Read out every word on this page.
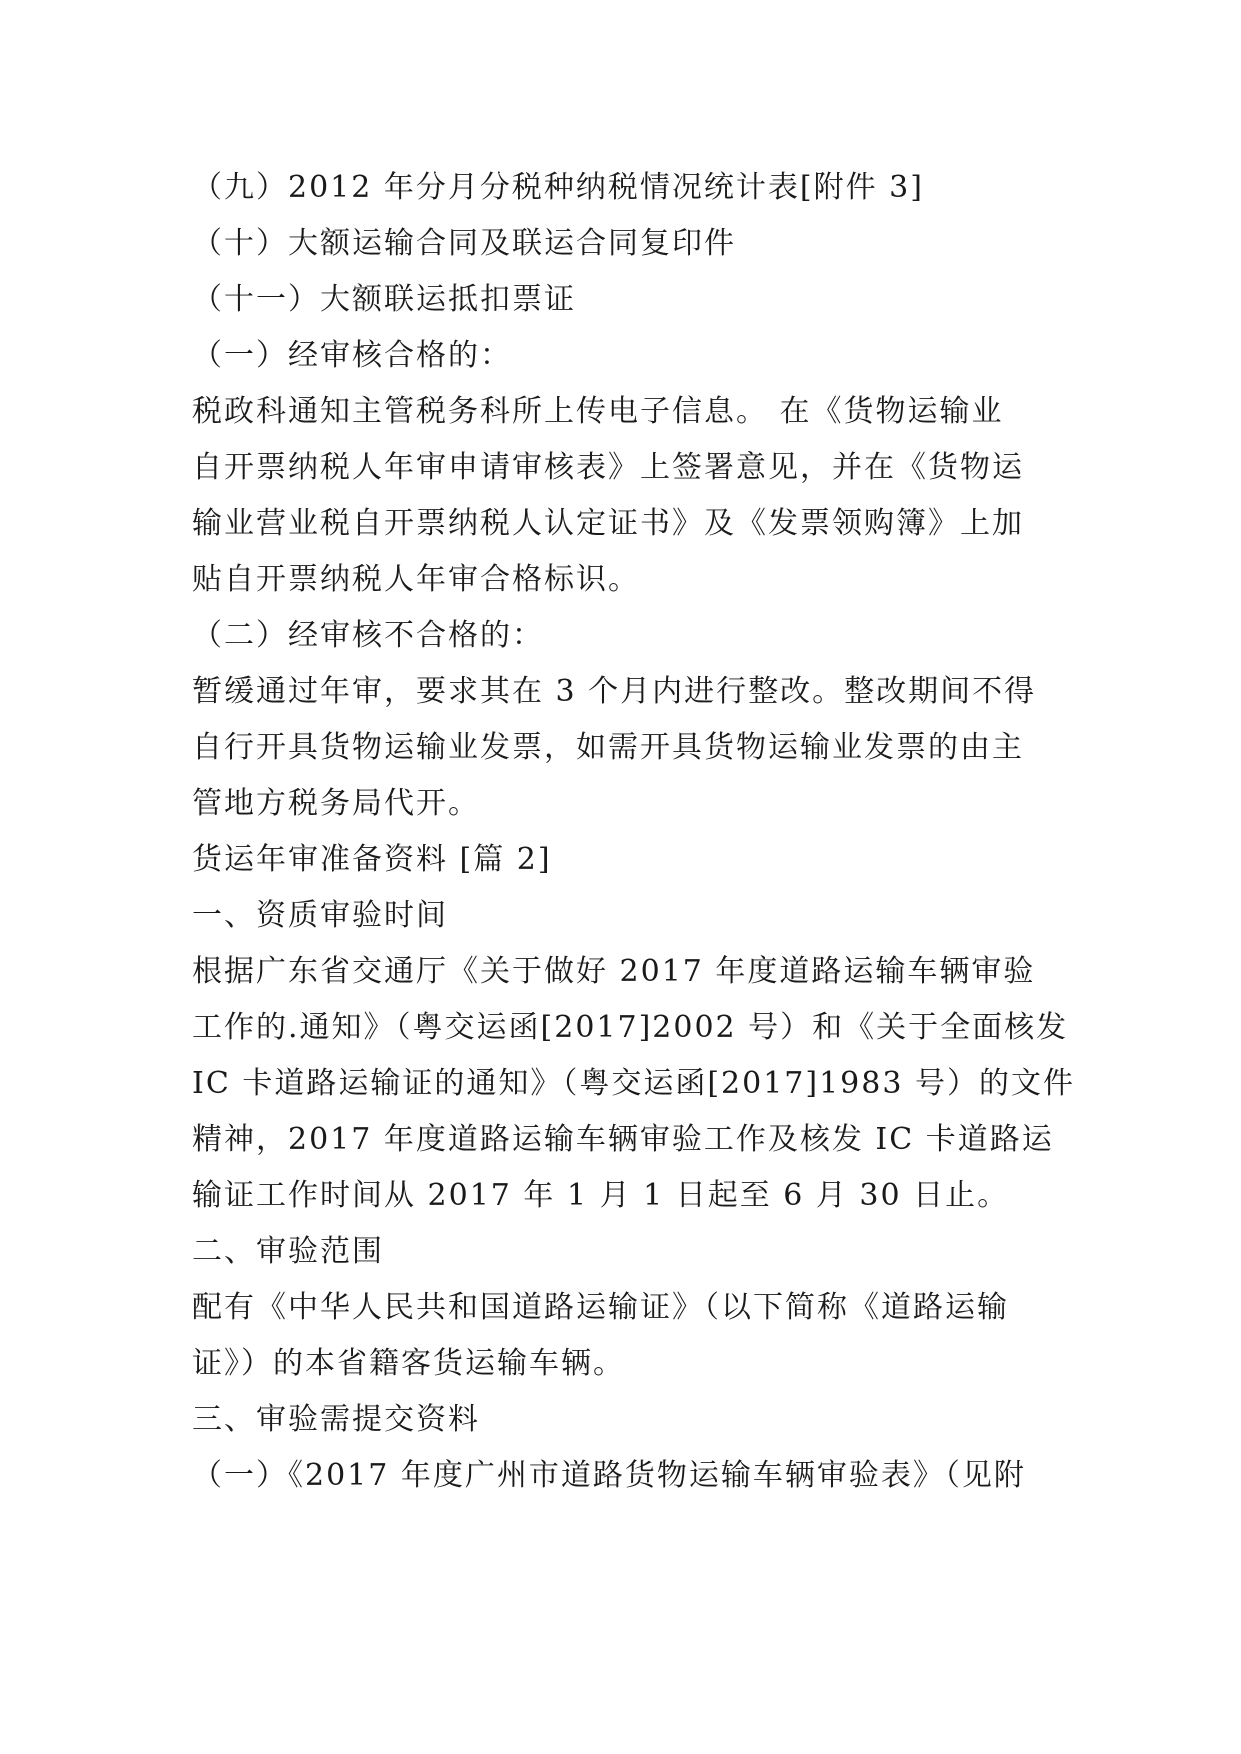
（九）2012 年分月分税种纳税情况统计表[附件 3]
（十）大额运输合同及联运合同复印件
（十一）大额联运抵扣票证
（一）经审核合格的：
税政科通知主管税务科所上传电子信息。 在《货物运输业
自开票纳税人年审申请审核表》上签署意见，并在《货物运
输业营业税自开票纳税人认定证书》及《发票领购簿》上加
贴自开票纳税人年审合格标识。
（二）经审核不合格的：
暂缓通过年审，要求其在 3 个月内进行整改。整改期间不得
自行开具货物运输业发票，如需开具货物运输业发票的由主
管地方税务局代开。
货运年审准备资料 [篇 2]
一、资质审验时间
根据广东省交通厅《关于做好 2017 年度道路运输车辆审验
工作的.通知》（粤交运函[2017]2002 号）和《关于全面核发
IC 卡道路运输证的通知》（粤交运函[2017]1983 号）的文件
精神，2017 年度道路运输车辆审验工作及核发 IC 卡道路运
输证工作时间从 2017 年 1 月 1 日起至 6 月 30 日止。
二、审验范围
配有《中华人民共和国道路运输证》（以下简称《道路运输
证》）的本省籍客货运输车辆。
三、审验需提交资料
（一）《2017 年度广州市道路货物运输车辆审验表》（见附
